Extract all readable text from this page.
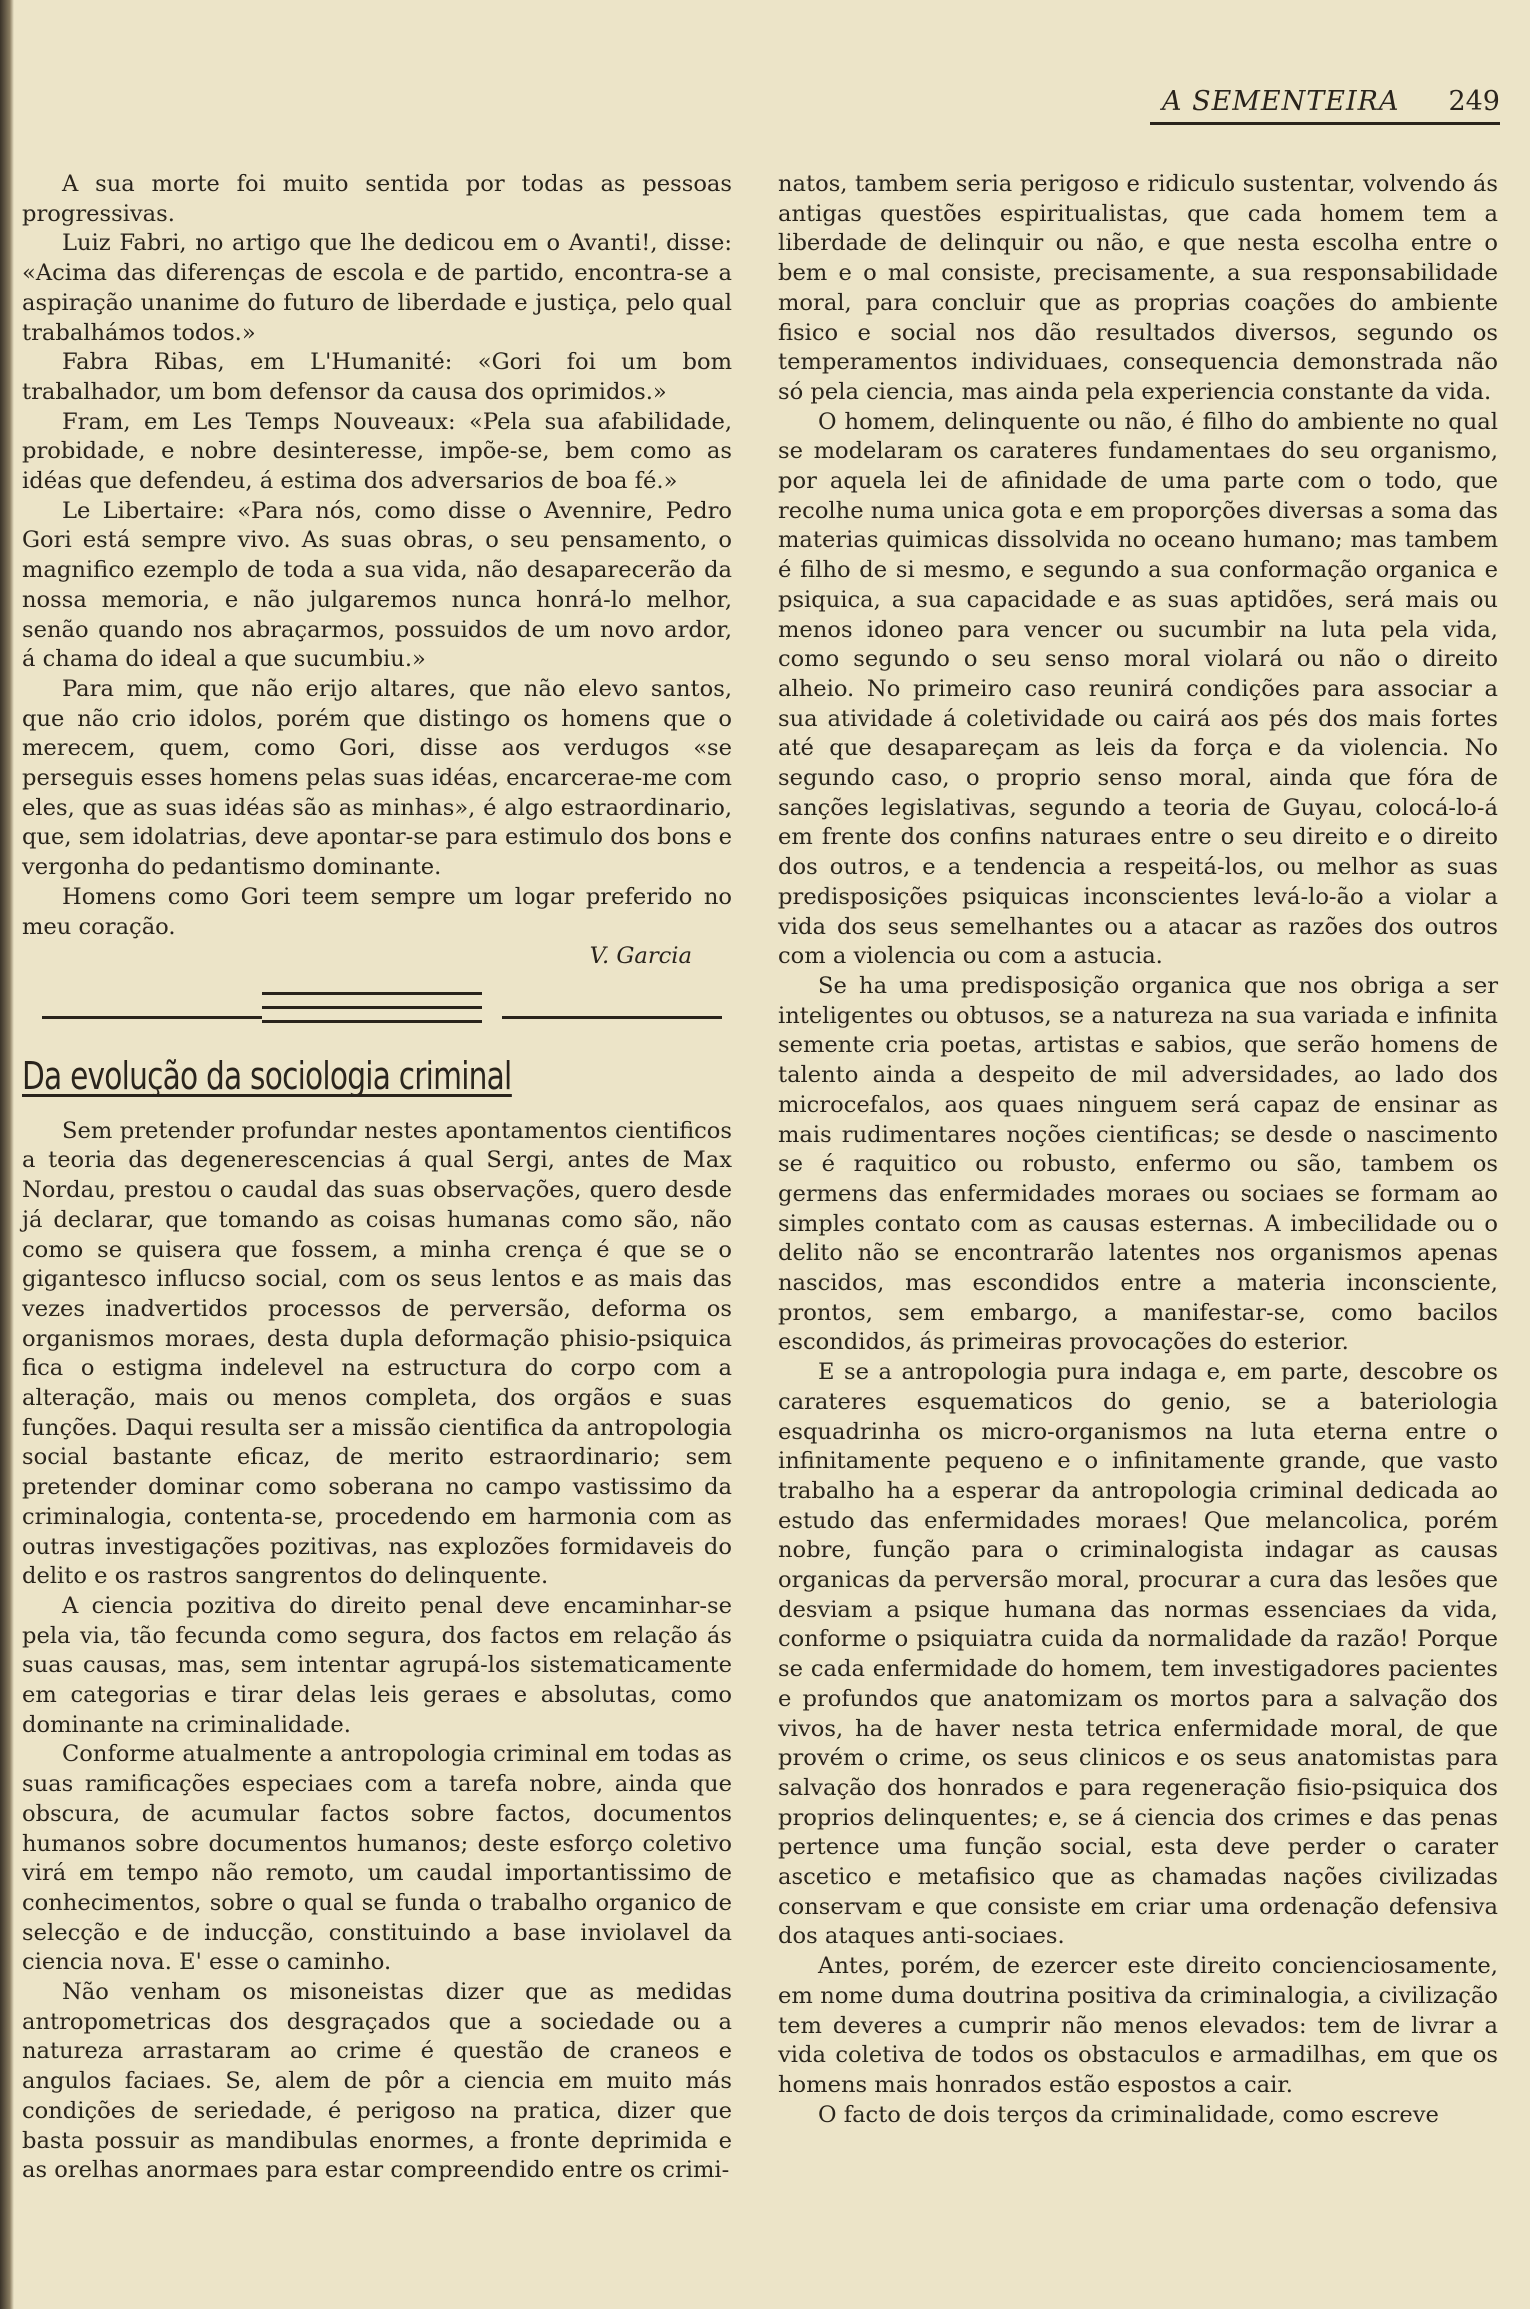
A SEMENTEIRA 249

A sua morte foi muito sentida por todas as pessoas progressivas.

Luiz Fabri, no artigo que lhe dedicou em o Avanti!, disse: «Acima das diferenças de escola e de partido, encontra-se a aspiração unanime do futuro de liberdade e justiça, pelo qual trabalhámos todos.»

Fabra Ribas, em L'Humanité: «Gori foi um bom trabalhador, um bom defensor da causa dos oprimidos.»

Fram, em Les Temps Nouveaux: «Pela sua afabilidade, probidade, e nobre desinteresse, impõe-se, bem como as idéas que defendeu, á estima dos adversarios de boa fé.»

Le Libertaire: «Para nós, como disse o Avennire, Pedro Gori está sempre vivo. As suas obras, o seu pensamento, o magnifico ezemplo de toda a sua vida, não desaparecerão da nossa memoria, e não julgaremos nunca honrá-lo melhor, senão quando nos abraçarmos, possuidos de um novo ardor, á chama do ideal a que sucumbiu.»

Para mim, que não erijo altares, que não elevo santos, que não crio idolos, porém que distingo os homens que o merecem, quem, como Gori, disse aos verdugos «se perseguis esses homens pelas suas idéas, encarcerae-me com eles, que as suas idéas são as minhas», é algo estraordinario, que, sem idolatrias, deve apontar-se para estimulo dos bons e vergonha do pedantismo dominante.

Homens como Gori teem sempre um logar preferido no meu coração.

V. Garcia

Da evolução da sociologia criminal

Sem pretender profundar nestes apontamentos cientificos a teoria das degenerescencias á qual Sergi, antes de Max Nordau, prestou o caudal das suas observações, quero desde já declarar, que tomando as coisas humanas como são, não como se quisera que fossem, a minha crença é que se o gigantesco influcso social, com os seus lentos e as mais das vezes inadvertidos processos de perversão, deforma os organismos moraes, desta dupla deformação phisio-psiquica fica o estigma indelevel na estructura do corpo com a alteração, mais ou menos completa, dos orgãos e suas funções. Daqui resulta ser a missão cientifica da antropologia social bastante eficaz, de merito estraordinario; sem pretender dominar como soberana no campo vastissimo da criminalogia, contenta-se, procedendo em harmonia com as outras investigações pozitivas, nas explozões formidaveis do delito e os rastros sangrentos do delinquente.

A ciencia pozitiva do direito penal deve encaminhar-se pela via, tão fecunda como segura, dos factos em relação ás suas causas, mas, sem intentar agrupá-los sistematicamente em categorias e tirar delas leis geraes e absolutas, como dominante na criminalidade.

Conforme atualmente a antropologia criminal em todas as suas ramificações especiaes com a tarefa nobre, ainda que obscura, de acumular factos sobre factos, documentos humanos sobre documentos humanos; deste esforço coletivo virá em tempo não remoto, um caudal importantissimo de conhecimentos, sobre o qual se funda o trabalho organico de selecção e de inducção, constituindo a base inviolavel da ciencia nova. E' esse o caminho.

Não venham os misoneistas dizer que as medidas antropometricas dos desgraçados que a sociedade ou a natureza arrastaram ao crime é questão de craneos e angulos faciaes. Se, alem de pôr a ciencia em muito más condições de seriedade, é perigoso na pratica, dizer que basta possuir as mandibulas enormes, a fronte deprimida e as orelhas anormaes para estar compreendido entre os crimi-

natos, tambem seria perigoso e ridiculo sustentar, volvendo ás antigas questões espiritualistas, que cada homem tem a liberdade de delinquir ou não, e que nesta escolha entre o bem e o mal consiste, precisamente, a sua responsabilidade moral, para concluir que as proprias coações do ambiente fisico e social nos dão resultados diversos, segundo os temperamentos individuaes, consequencia demonstrada não só pela ciencia, mas ainda pela experiencia constante da vida.

O homem, delinquente ou não, é filho do ambiente no qual se modelaram os carateres fundamentaes do seu organismo, por aquela lei de afinidade de uma parte com o todo, que recolhe numa unica gota e em proporções diversas a soma das materias quimicas dissolvida no oceano humano; mas tambem é filho de si mesmo, e segundo a sua conformação organica e psiquica, a sua capacidade e as suas aptidões, será mais ou menos idoneo para vencer ou sucumbir na luta pela vida, como segundo o seu senso moral violará ou não o direito alheio. No primeiro caso reunirá condições para associar a sua atividade á coletividade ou cairá aos pés dos mais fortes até que desapareçam as leis da força e da violencia. No segundo caso, o proprio senso moral, ainda que fóra de sanções legislativas, segundo a teoria de Guyau, colocá-lo-á em frente dos confins naturaes entre o seu direito e o direito dos outros, e a tendencia a respeitá-los, ou melhor as suas predisposições psiquicas inconscientes levá-lo-ão a violar a vida dos seus semelhantes ou a atacar as razões dos outros com a violencia ou com a astucia.

Se ha uma predisposição organica que nos obriga a ser inteligentes ou obtusos, se a natureza na sua variada e infinita semente cria poetas, artistas e sabios, que serão homens de talento ainda a despeito de mil adversidades, ao lado dos microcefalos, aos quaes ninguem será capaz de ensinar as mais rudimentares noções cientificas; se desde o nascimento se é raquitico ou robusto, enfermo ou são, tambem os germens das enfermidades moraes ou sociaes se formam ao simples contato com as causas esternas. A imbecilidade ou o delito não se encontrarão latentes nos organismos apenas nascidos, mas escondidos entre a materia inconsciente, prontos, sem embargo, a manifestar-se, como bacilos escondidos, ás primeiras provocações do esterior.

E se a antropologia pura indaga e, em parte, descobre os carateres esquematicos do genio, se a bateriologia esquadrinha os micro-organismos na luta eterna entre o infinitamente pequeno e o infinitamente grande, que vasto trabalho ha a esperar da antropologia criminal dedicada ao estudo das enfermidades moraes! Que melancolica, porém nobre, função para o criminalogista indagar as causas organicas da perversão moral, procurar a cura das lesões que desviam a psique humana das normas essenciaes da vida, conforme o psiquiatra cuida da normalidade da razão! Porque se cada enfermidade do homem, tem investigadores pacientes e profundos que anatomizam os mortos para a salvação dos vivos, ha de haver nesta tetrica enfermidade moral, de que provém o crime, os seus clinicos e os seus anatomistas para salvação dos honrados e para regeneração fisio-psiquica dos proprios delinquentes; e, se á ciencia dos crimes e das penas pertence uma função social, esta deve perder o carater ascetico e metafisico que as chamadas nações civilizadas conservam e que consiste em criar uma ordenação defensiva dos ataques anti-sociaes.

Antes, porém, de ezercer este direito concienciosamente, em nome duma doutrina positiva da criminalogia, a civilização tem deveres a cumprir não menos elevados: tem de livrar a vida coletiva de todos os obstaculos e armadilhas, em que os homens mais honrados estão espostos a cair.

O facto de dois terços da criminalidade, como escreve
